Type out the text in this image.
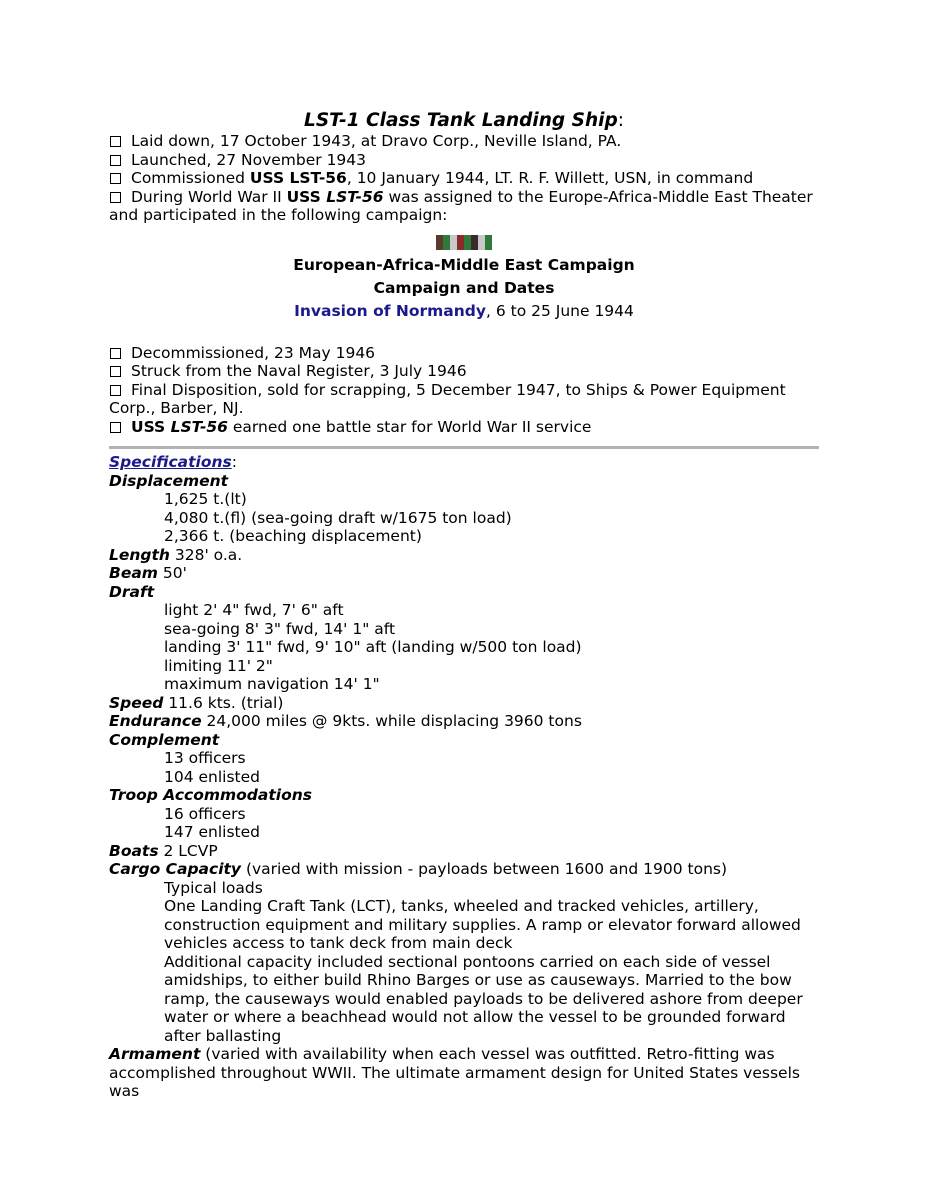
LST-1 Class Tank Landing Ship:
Laid down, 17 October 1943, at Dravo Corp., Neville Island, PA.
Launched, 27 November 1943
Commissioned USS LST-56, 10 January 1944, LT. R. F. Willett, USN, in command
During World War II USS LST-56 was assigned to the Europe-Africa-Middle East Theater
and participated in the following campaign:
European-Africa-Middle East Campaign
Campaign and Dates
Invasion of Normandy, 6 to 25 June 1944
Decommissioned, 23 May 1946
Struck from the Naval Register, 3 July 1946
Final Disposition, sold for scrapping, 5 December 1947, to Ships & Power Equipment
Corp., Barber, NJ.
USS LST-56 earned one battle star for World War II service
Specifications:
Displacement
1,625 t.(lt)
4,080 t.(fl) (sea-going draft w/1675 ton load)
2,366 t. (beaching displacement)
Length 328' o.a.
Beam 50'
Draft
light 2' 4" fwd, 7' 6" aft
sea-going 8' 3" fwd, 14' 1" aft
landing 3' 11" fwd, 9' 10" aft (landing w/500 ton load)
limiting 11' 2"
maximum navigation 14' 1"
Speed 11.6 kts. (trial)
Endurance 24,000 miles @ 9kts. while displacing 3960 tons
Complement
13 officers
104 enlisted
Troop Accommodations
16 officers
147 enlisted
Boats 2 LCVP
Cargo Capacity (varied with mission - payloads between 1600 and 1900 tons)
Typical loads
One Landing Craft Tank (LCT), tanks, wheeled and tracked vehicles, artillery, construction equipment and military supplies. A ramp or elevator forward allowed vehicles access to tank deck from main deck
Additional capacity included sectional pontoons carried on each side of vessel amidships, to either build Rhino Barges or use as causeways. Married to the bow ramp, the causeways would enabled payloads to be delivered ashore from deeper water or where a beachhead would not allow the vessel to be grounded forward after ballasting
Armament (varied with availability when each vessel was outfitted. Retro-fitting was accomplished throughout WWII. The ultimate armament design for United States vessels was
